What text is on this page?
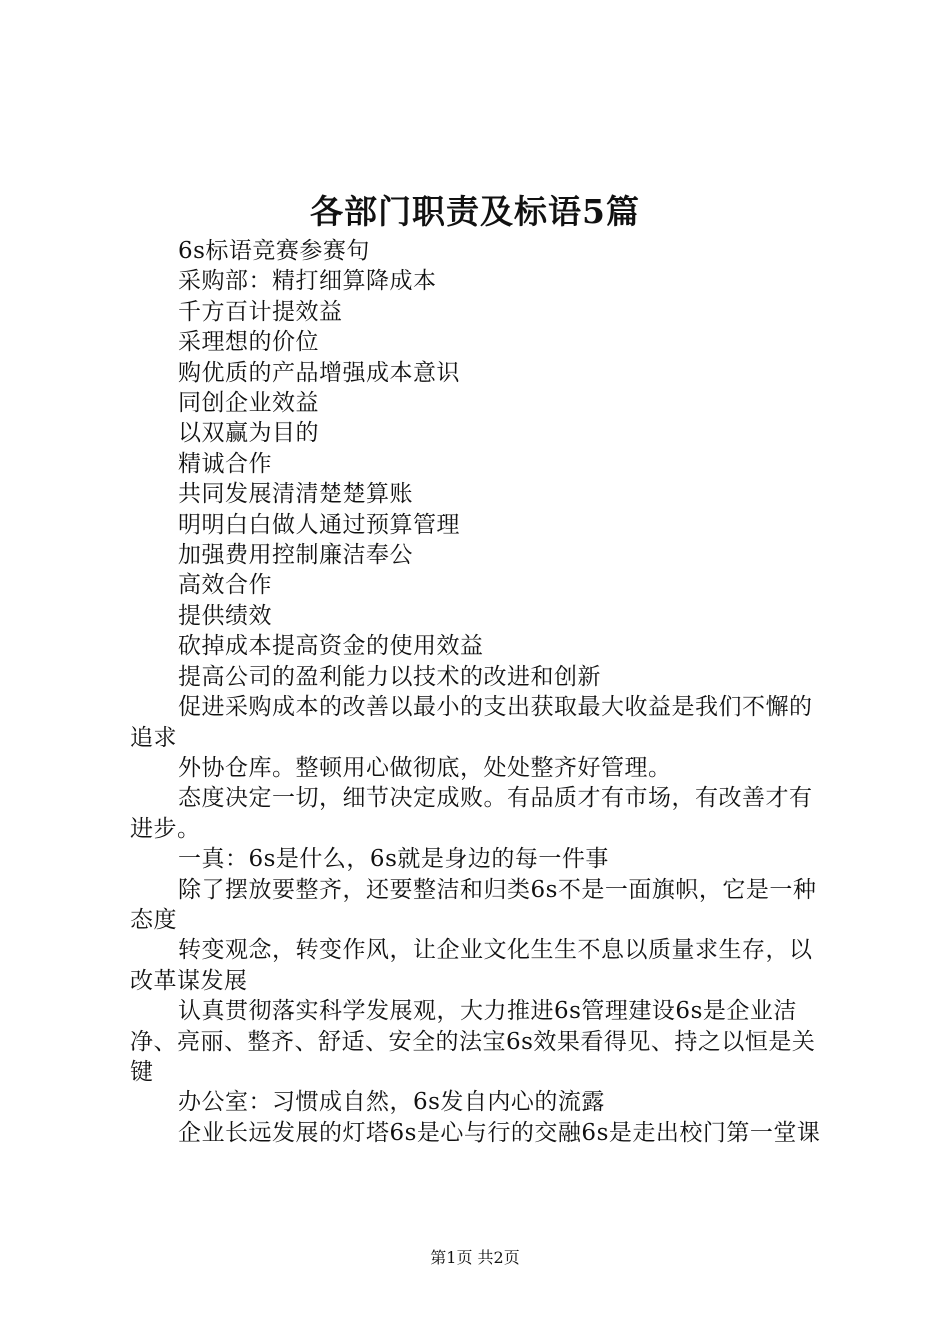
各部门职责及标语5篇

6s标语竞赛参赛句

采购部：精打细算降成本

千方百计提效益

采理想的价位

购优质的产品增强成本意识

同创企业效益

以双赢为目的

精诚合作

共同发展清清楚楚算账

明明白白做人通过预算管理

加强费用控制廉洁奉公

高效合作

提供绩效

砍掉成本提高资金的使用效益

提高公司的盈利能力以技术的改进和创新

促进采购成本的改善以最小的支出获取最大收益是我们不懈的追求

外协仓库。整顿用心做彻底，处处整齐好管理。

态度决定一切，细节决定成败。有品质才有市场，有改善才有进步。

一真：6s是什么，6s就是身边的每一件事

除了摆放要整齐，还要整洁和归类6s不是一面旗帜，它是一种态度

转变观念，转变作风，让企业文化生生不息以质量求生存，以改革谋发展

认真贯彻落实科学发展观，大力推进6s管理建设6s是企业洁净、亮丽、整齐、舒适、安全的法宝6s效果看得见、持之以恒是关键

办公室：习惯成自然，6s发自内心的流露

企业长远发展的灯塔6s是心与行的交融6s是走出校门第一堂课

第1页 共2页
